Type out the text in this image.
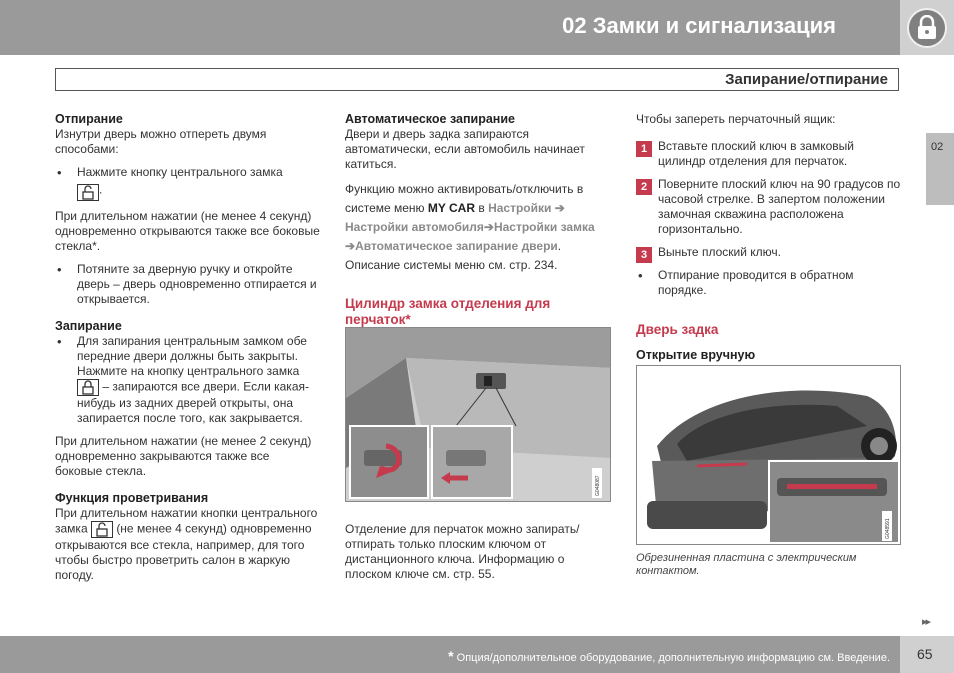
02 Замки и сигнализация
Запирание/отпирание
02

Отпирание

Изнутри дверь можно отпереть двумя способами:

• Нажмите кнопку центрального замка
.

При длительном нажатии (не менее 4 секунд) одновременно открываются также все боковые стекла*.

• Потяните за дверную ручку и откройте дверь – дверь одновременно отпирается и открывается.

Запирание

• Для запирания центральным замком обе передние двери должны быть закрыты. Нажмите на кнопку центрального замка  – запираются все двери. Если какая-нибудь из задних дверей открыты, она запирается после того, как закрывается.

При длительном нажатии (не менее 2 секунд) одновременно закрываются также все боковые стекла.

Функция проветривания

При длительном нажатии кнопки центрального замка (не менее 4 секунд) одновременно открываются все стекла, например, для того чтобы быстро проветрить салон в жаркую погоду.

Автоматическое запирание

Двери и дверь задка запираются автоматически, если автомобиль начинает катиться.

Функцию можно активировать/отключить в системе меню MY CAR в Настройки ➔ Настройки автомобиля➔Настройки замка ➔Автоматическое запирание двери. Описание системы меню см. стр. 234.

Цилиндр замка отделения для перчаток*

G048087

Отделение для перчаток можно запирать/отпирать только плоским ключом от дистанционного ключа. Информацию о плоском ключе см. стр. 55.

Чтобы запереть перчаточный ящик:

1 Вставьте плоский ключ в замковый цилиндр отделения для перчаток.
2 Поверните плоский ключ на 90 градусов по часовой стрелке. В запертом положении замочная скважина расположена горизонтально.
3 Выньте плоский ключ.
• Отпирание проводится в обратном порядке.

Дверь задка

Открытие вручную

G048591

Обрезиненная пластина с электрическим контактом.

▸▸
* Опция/дополнительное оборудование, дополнительную информацию см. Введение. 65
